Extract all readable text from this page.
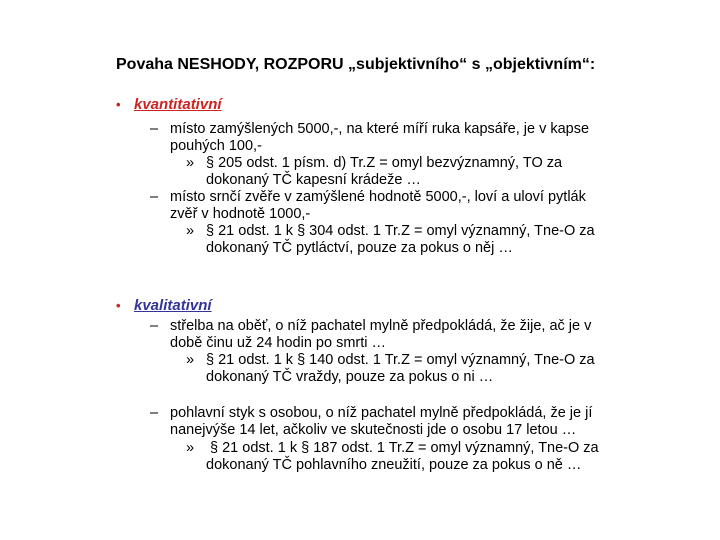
Povaha NESHODY, ROZPORU „subjektivního“ s „objektivním“:
• kvantitativní
– místo zamýšlených 5000,-, na které míří ruka kapsáře, je v kapse
pouhých 100,-
» § 205 odst. 1 písm. d) Tr.Z = omyl bezvýznamný, TO za
dokonaný TČ kapesní krádeže …
– místo srnčí zvěře v zamýšlené hodnotě 5000,-, loví a uloví pytlák
zvěř v hodnotě 1000,-
» § 21 odst. 1 k § 304 odst. 1 Tr.Z = omyl významný, Tne-O za
dokonaný TČ pytláctví, pouze za pokus o něj …
• kvalitativní
– střelba na oběť, o níž pachatel mylně předpokládá, že žije, ač je v
době činu už 24 hodin po smrti …
» § 21 odst. 1 k § 140 odst. 1 Tr.Z = omyl významný, Tne-O za
dokonaný TČ vraždy, pouze za pokus o ni …
– pohlavní styk s osobou, o níž pachatel mylně předpokládá, že je jí
nanejvýše 14 let, ačkoliv ve skutečnosti jde o osobu 17 letou …
» § 21 odst. 1 k § 187 odst. 1 Tr.Z = omyl významný, Tne-O za
dokonaný TČ pohlavního zneužití, pouze za pokus o ně …
